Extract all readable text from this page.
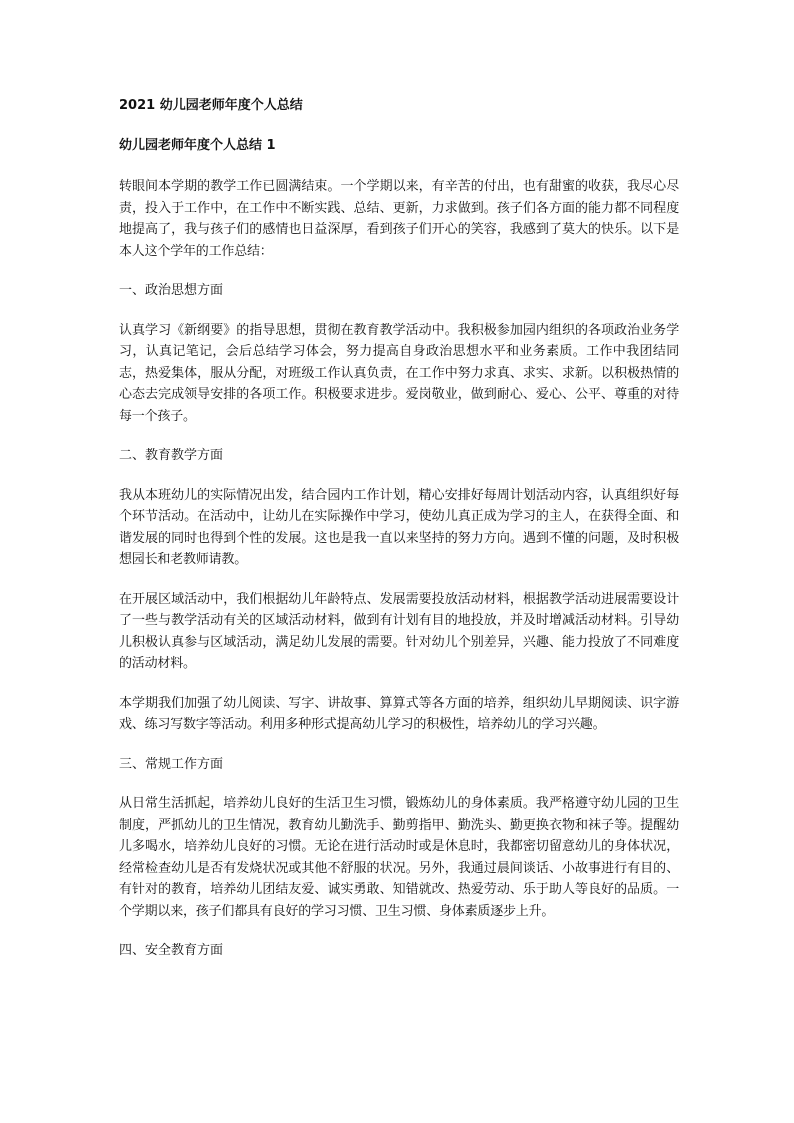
2021 幼儿园老师年度个人总结
幼儿园老师年度个人总结 1

转眼间本学期的教学工作已圆满结束。一个学期以来，有辛苦的付出，也有甜蜜的收获，我尽心尽责，投入于工作中，在工作中不断实践、总结、更新，力求做到。孩子们各方面的能力都不同程度地提高了，我与孩子们的感情也日益深厚，看到孩子们开心的笑容，我感到了莫大的快乐。以下是本人这个学年的工作总结：

一、政治思想方面

认真学习《新纲要》的指导思想，贯彻在教育教学活动中。我积极参加园内组织的各项政治业务学习，认真记笔记，会后总结学习体会，努力提高自身政治思想水平和业务素质。工作中我团结同志，热爱集体，服从分配，对班级工作认真负责，在工作中努力求真、求实、求新。以积极热情的心态去完成领导安排的各项工作。积极要求进步。爱岗敬业，做到耐心、爱心、公平、尊重的对待每一个孩子。

二、教育教学方面

我从本班幼儿的实际情况出发，结合园内工作计划，精心安排好每周计划活动内容，认真组织好每个环节活动。在活动中，让幼儿在实际操作中学习，使幼儿真正成为学习的主人，在获得全面、和谐发展的同时也得到个性的发展。这也是我一直以来坚持的努力方向。遇到不懂的问题，及时积极想园长和老教师请教。

在开展区域活动中，我们根据幼儿年龄特点、发展需要投放活动材料，根据教学活动进展需要设计了一些与教学活动有关的区域活动材料，做到有计划有目的地投放，并及时增减活动材料。引导幼儿积极认真参与区域活动，满足幼儿发展的需要。针对幼儿个别差异，兴趣、能力投放了不同难度的活动材料。

本学期我们加强了幼儿阅读、写字、讲故事、算算式等各方面的培养，组织幼儿早期阅读、识字游戏、练习写数字等活动。利用多种形式提高幼儿学习的积极性，培养幼儿的学习兴趣。

三、常规工作方面

从日常生活抓起，培养幼儿良好的生活卫生习惯，锻炼幼儿的身体素质。我严格遵守幼儿园的卫生制度，严抓幼儿的卫生情况，教育幼儿勤洗手、勤剪指甲、勤洗头、勤更换衣物和袜子等。提醒幼儿多喝水，培养幼儿良好的习惯。无论在进行活动时或是休息时，我都密切留意幼儿的身体状况，经常检查幼儿是否有发烧状况或其他不舒服的状况。另外，我通过晨间谈话、小故事进行有目的、有针对的教育，培养幼儿团结友爱、诚实勇敢、知错就改、热爱劳动、乐于助人等良好的品质。一个学期以来，孩子们都具有良好的学习习惯、卫生习惯、身体素质逐步上升。

四、安全教育方面
